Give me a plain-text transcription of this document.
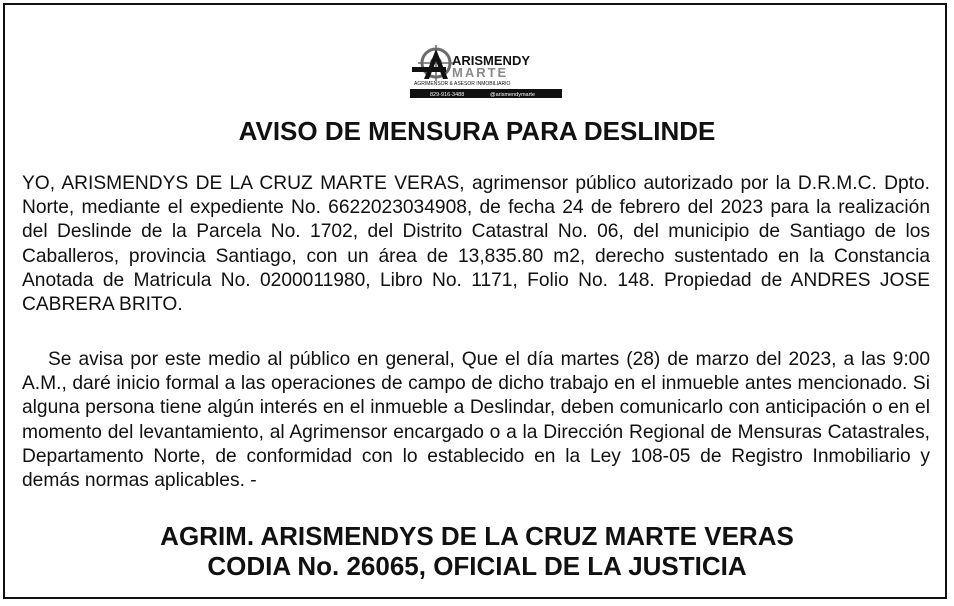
ARISMENDY
MARTE
AGRIMENSOR & ASESOR INMOBILIARIO
829-916-3488	@arismendymarte
AVISO DE MENSURA PARA DESLINDE

YO, ARISMENDYS DE LA CRUZ MARTE VERAS, agrimensor público autorizado por la D.R.M.C. Dpto. Norte, mediante el expediente No. 6622023034908, de fecha 24 de febrero del 2023 para la realización del Deslinde de la Parcela No. 1702, del Distrito Catastral No. 06, del municipio de Santiago de los Caballeros, provincia Santiago, con un área de 13,835.80 m2, derecho sustentado en la Constancia Anotada de Matricula No. 0200011980, Libro No. 1171, Folio No. 148. Propiedad de ANDRES JOSE CABRERA BRITO.

Se avisa por este medio al público en general, Que el día martes (28) de marzo del 2023, a las 9:00 A.M., daré inicio formal a las operaciones de campo de dicho trabajo en el inmueble antes mencionado. Si alguna persona tiene algún interés en el inmueble a Deslindar, deben comunicarlo con anticipación o en el momento del levantamiento, al Agrimensor encargado o a la Dirección Regional de Mensuras Catastrales, Departamento Norte, de conformidad con lo establecido en la Ley 108-05 de Registro Inmobiliario y demás normas aplicables. -

AGRIM. ARISMENDYS DE LA CRUZ MARTE VERAS

CODIA No. 26065, OFICIAL DE LA JUSTICIA
